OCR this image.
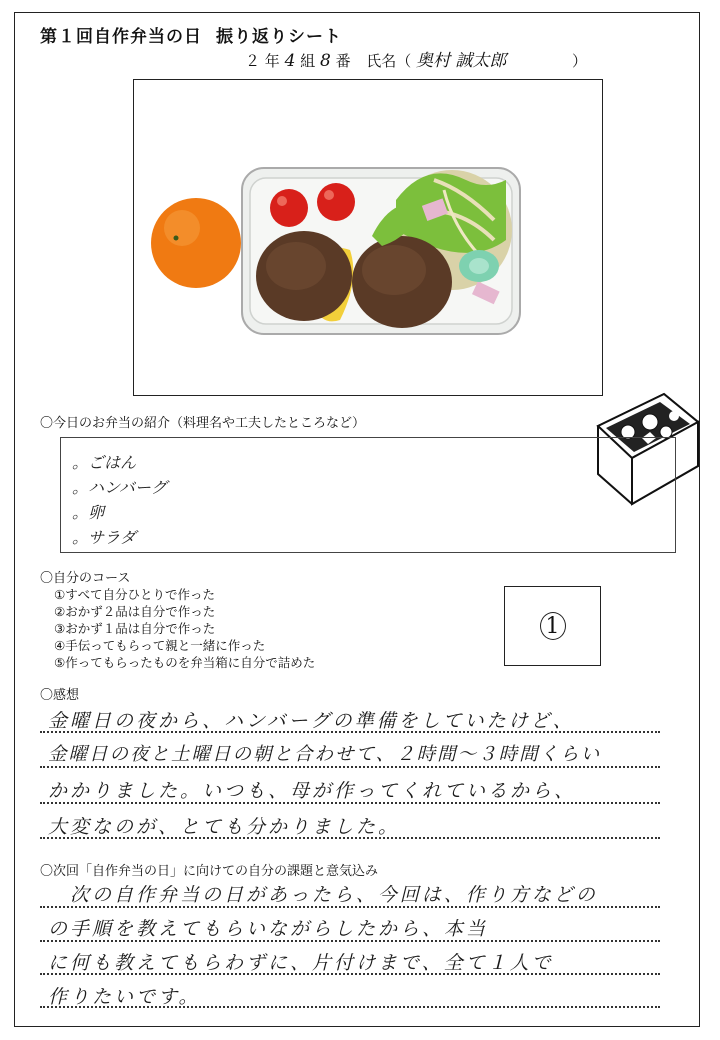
第１回自作弁当の日 振り返りシート
２ 年 4 組 8 番 氏名（ 奥村 誠太郎	）
〇今日のお弁当の紹介（料理名や工夫したところなど）
。ごはん
。ハンバーグ
。卵
。サラダ
〇自分のコース
①すべて自分ひとりで作った
②おかず２品は自分で作った
③おかず１品は自分で作った
④手伝ってもらって親と一緒に作った
⑤作ってもらったものを弁当箱に自分で詰めた
1
〇感想
金曜日の夜から、ハンバーグの準備をしていたけど、
金曜日の夜と土曜日の朝と合わせて、２時間〜３時間くらい
かかりました。いつも、母が作ってくれているから、
大変なのが、とても分かりました。
〇次回「自作弁当の日」に向けての自分の課題と意気込み
次の自作弁当の日があったら、今回は、作り方などの
の手順を教えてもらいながらしたから、本当
に何も教えてもらわずに、片付けまで、全て１人で
作りたいです。
